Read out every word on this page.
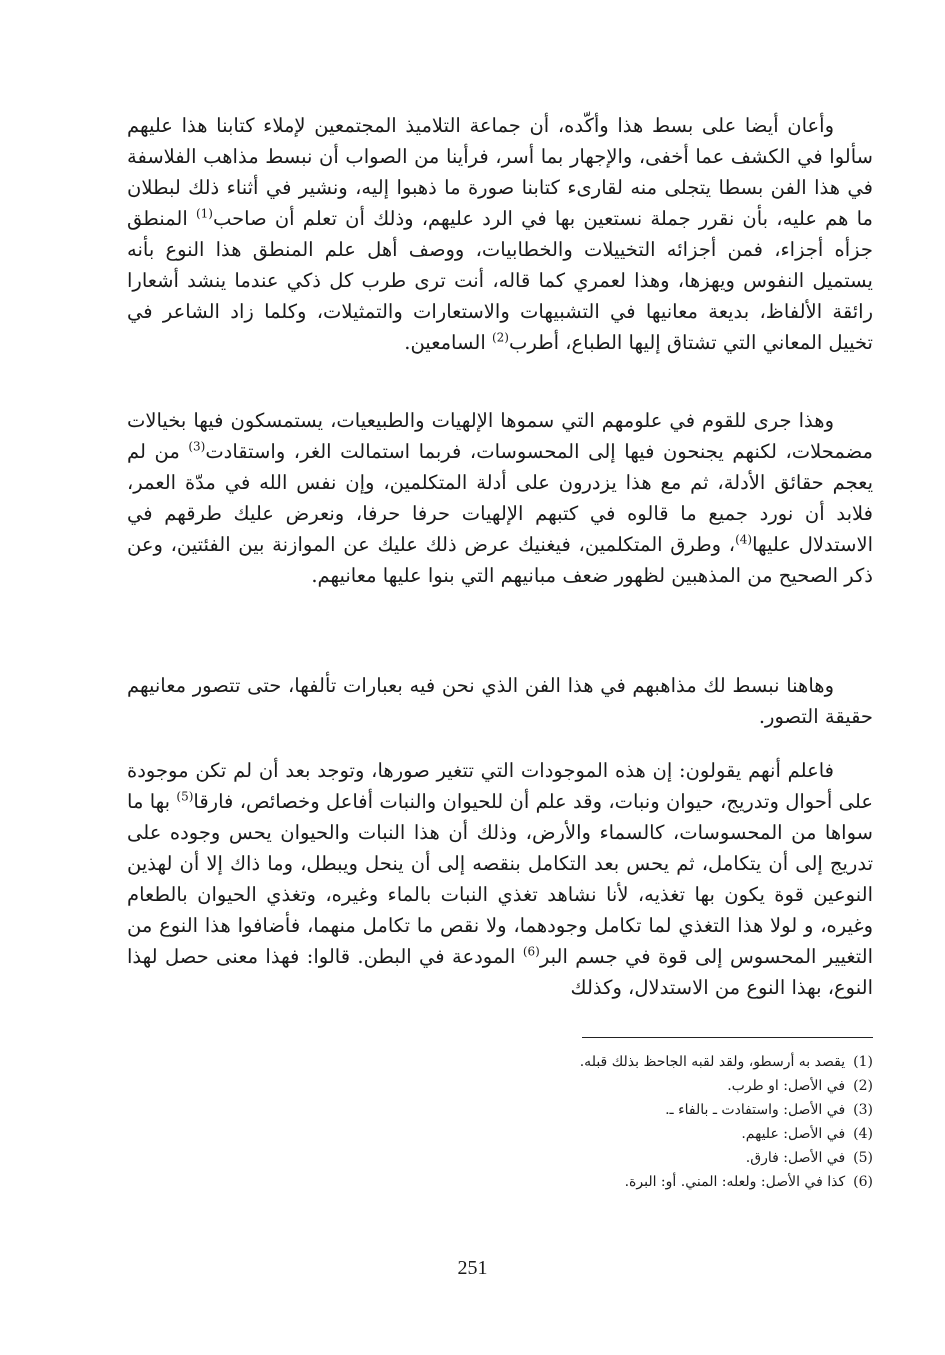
وأعان أيضا على بسط هذا وأكّده، أن جماعة التلاميذ المجتمعين لإملاء كتابنا هذا عليهم سألوا في الكشف عما أخفى، والإجهار بما أسر، فرأينا من الصواب أن نبسط مذاهب الفلاسفة في هذا الفن بسطا يتجلى منه لقارىء كتابنا صورة ما ذهبوا إليه، ونشير في أثناء ذلك لبطلان ما هم عليه، بأن نقرر جملة نستعين بها في الرد عليهم، وذلك أن تعلم أن صاحب$^{(1)}$ المنطق جزأه أجزاء، فمن أجزائه التخييلات والخطابيات، ووصف أهل علم المنطق هذا النوع بأنه يستميل النفوس ويهزها، وهذا لعمري كما قاله، أنت ترى طرب كل ذكي عندما ينشد أشعارا رائقة الألفاظ، بديعة معانيها في التشبيهات والاستعارات والتمثيلات، وكلما زاد الشاعر في تخييل المعاني التي تشتاق إليها الطباع، أطرب$^{(2)}$ السامعين.

وهذا جرى للقوم في علومهم التي سموها الإلهيات والطبيعيات، يستمسكون فيها بخيالات مضمحلات، لكنهم يجنحون فيها إلى المحسوسات، فربما استمالت الغر، واستقادت$^{(3)}$ من لم يعجم حقائق الأدلة، ثم مع هذا يزدرون على أدلة المتكلمين، وإن نفس الله في مدّة العمر، فلابد أن نورد جميع ما قالوه في كتبهم الإلهيات حرفا حرفا، ونعرض عليك طرقهم في الاستدلال عليها$^{(4)}$، وطرق المتكلمين، فيغنيك عرض ذلك عليك عن الموازنة بين الفئتين، وعن ذكر الصحيح من المذهبين لظهور ضعف مبانيهم التي بنوا عليها معانيهم.

وهاهنا نبسط لك مذاهبهم في هذا الفن الذي نحن فيه بعبارات تألفها، حتى تتصور معانيهم حقيقة التصور.

فاعلم أنهم يقولون: إن هذه الموجودات التي تتغير صورها، وتوجد بعد أن لم تكن موجودة على أحوال وتدريج، حيوان ونبات، وقد علم أن للحيوان والنبات أفاعل وخصائص، فارقا$^{(5)}$ بها ما سواها من المحسوسات، كالسماء والأرض، وذلك أن هذا النبات والحيوان يحس وجوده على تدريج إلى أن يتكامل، ثم يحس بعد التكامل بنقصه إلى أن ينحل ويبطل، وما ذاك إلا أن لهذين النوعين قوة يكون بها تغذيه، لأنا نشاهد تغذي النبات بالماء وغيره، وتغذي الحيوان بالطعام وغيره، و لولا هذا التغذي لما تكامل وجودهما، ولا نقص ما تكامل منهما، فأضافوا هذا النوع من التغيير المحسوس إلى قوة في جسم البر$^{(6)}$ المودعة في البطن. قالوا: فهذا معنى حصل لهذا النوع، بهذا النوع من الاستدلال، وكذلك

(1)
يقصد به أرسطو، ولقد لقبه الجاحظ بذلك قبله.
(2)
في الأصل: او طرب.
(3)
في الأصل: واستفادت ـ بالفاء ـ.
(4)
في الأصل: عليهم.
(5)
في الأصل: فارق.
(6)
كذا في الأصل: ولعله: المني. أو: البرة.
251
